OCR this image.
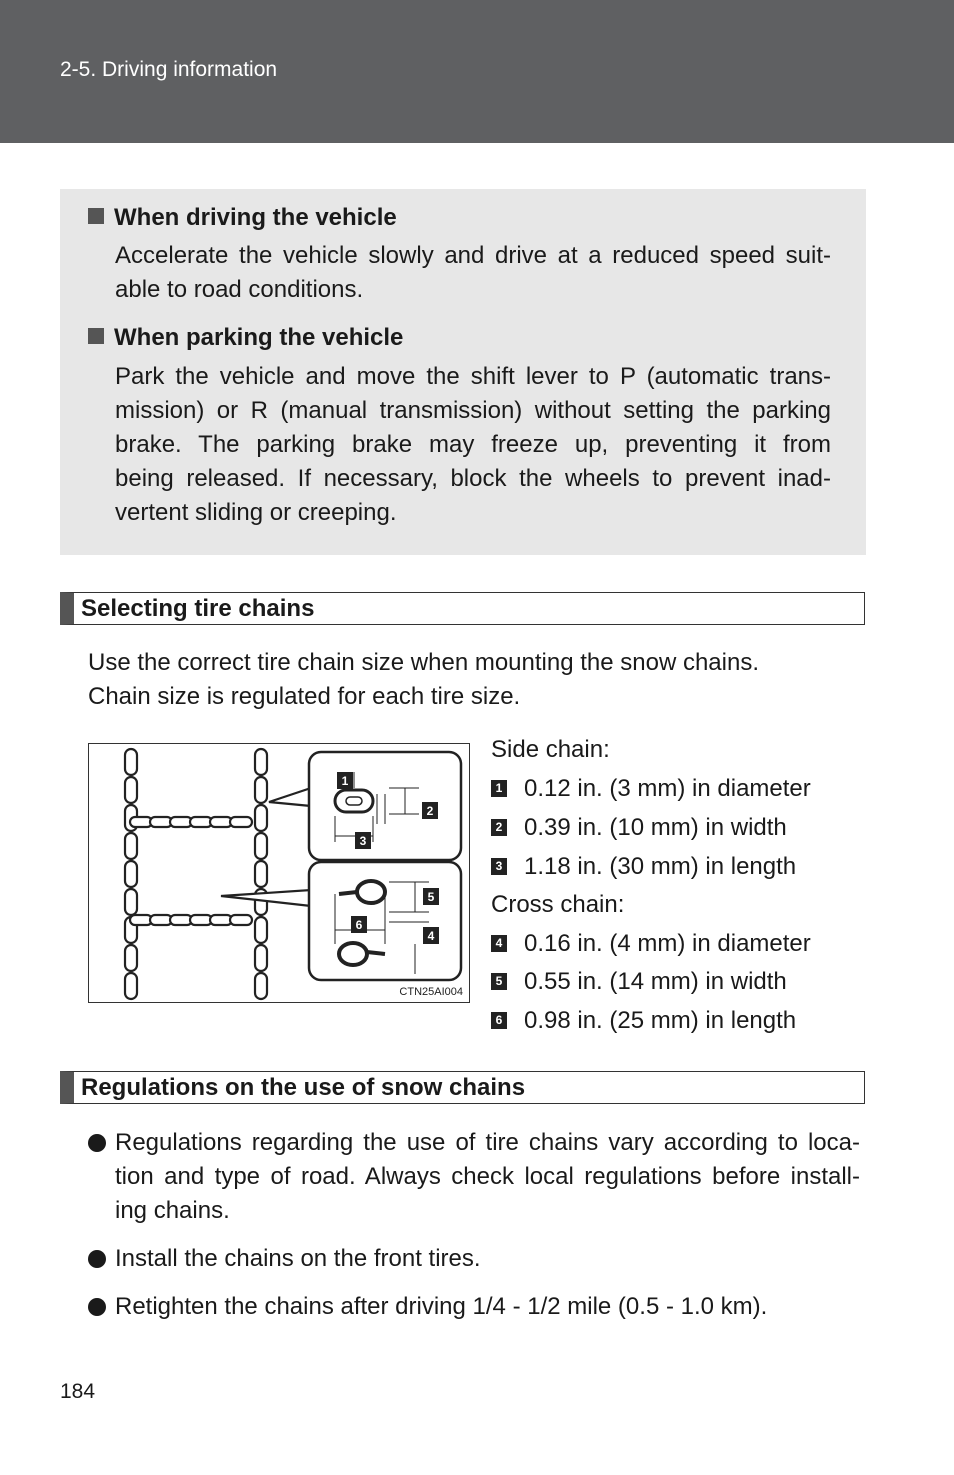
2-5. Driving information
When driving the vehicle
Accelerate the vehicle slowly and drive at a reduced speed suit-
able to road conditions.
When parking the vehicle
Park the vehicle and move the shift lever to P (automatic trans-
mission) or R (manual transmission) without setting the parking
brake. The parking brake may freeze up, preventing it from
being released. If necessary, block the wheels to prevent inad-
vertent sliding or creeping.
Selecting tire chains
Use the correct tire chain size when mounting the snow chains.
Chain size is regulated for each tire size.
1
2
3
5
6
4
CTN25AI004
Side chain:
1 0.12 in. (3 mm) in diameter
2 0.39 in. (10 mm) in width
3 1.18 in. (30 mm) in length
Cross chain:
4 0.16 in. (4 mm) in diameter
5 0.55 in. (14 mm) in width
6 0.98 in. (25 mm) in length
Regulations on the use of snow chains
Regulations regarding the use of tire chains vary according to loca-
tion and type of road. Always check local regulations before install-
ing chains.
Install the chains on the front tires.
Retighten the chains after driving 1/4 - 1/2 mile (0.5 - 1.0 km).
184
